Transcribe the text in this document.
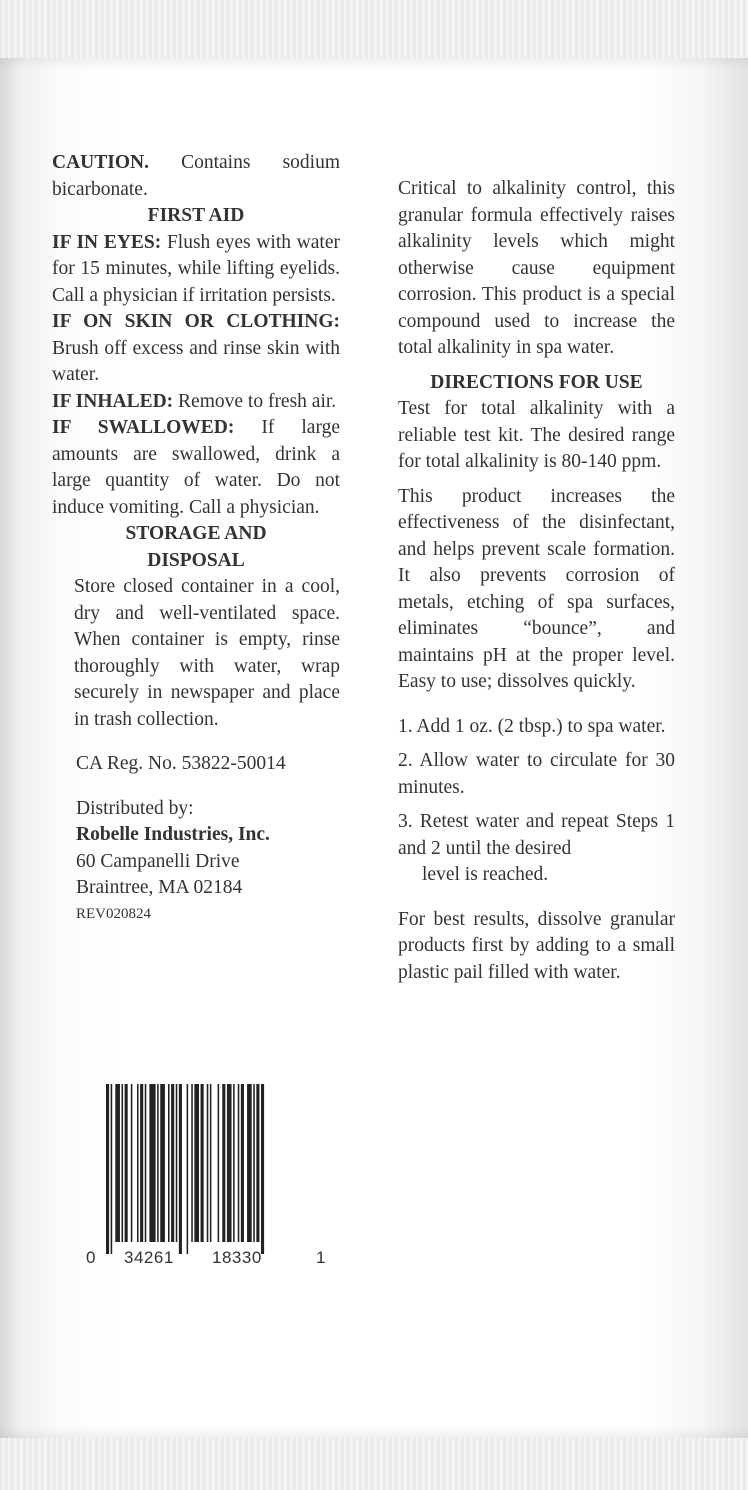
CAUTION. Contains sodium bicarbonate.

FIRST AID

IF IN EYES: Flush eyes with water for 15 minutes, while lifting eyelids. Call a physician if irritation persists.

IF ON SKIN OR CLOTHING: Brush off excess and rinse skin with water.

IF INHALED: Remove to fresh air.

IF SWALLOWED: If large amounts are swallowed, drink a large quantity of water. Do not induce vomiting. Call a physician.

STORAGE AND

DISPOSAL

Store closed container in a cool, dry and well-ventilated space. When container is empty, rinse thoroughly with water, wrap securely in newspaper and place in trash collection.

CA Reg. No. 53822-50014

Distributed by:

Robelle Industries, Inc.

60 Campanelli Drive

Braintree, MA 02184

REV020824

Critical to alkalinity control, this granular formula effectively raises alkalinity levels which might otherwise cause equipment corrosion. This product is a special compound used to increase the total alkalinity in spa water.

DIRECTIONS FOR USE

Test for total alkalinity with a reliable test kit. The desired range for total alkalinity is 80-140 ppm.

This product increases the effectiveness of the disinfectant, and helps prevent scale formation. It also prevents corrosion of metals, etching of spa surfaces, eliminates “bounce”, and maintains pH at the proper level. Easy to use; dissolves quickly.

1. Add 1 oz. (2 tbsp.) to spa water.

2. Allow water to circulate for 30 minutes.

3. Retest water and repeat Steps 1 and 2 until the desired

level is reached.

For best results, dissolve granular products first by adding to a small plastic pail filled with water.

0 34261 18330	1
